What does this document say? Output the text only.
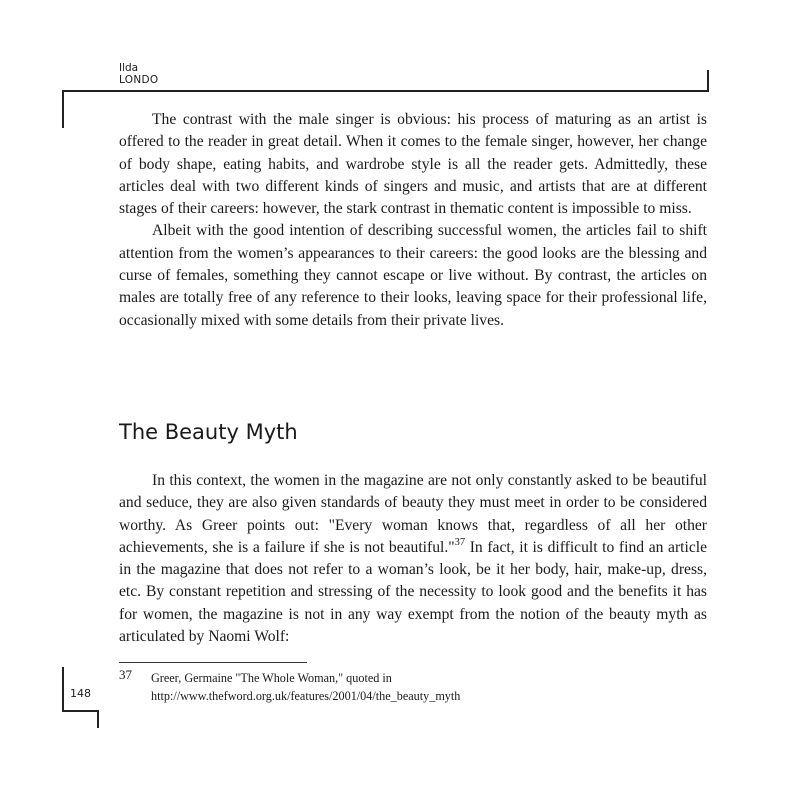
Ilda
LONDO

The contrast with the male singer is obvious: his process of maturing as an artist is offered to the reader in great detail. When it comes to the female singer, however, her change of body shape, eating habits, and wardrobe style is all the reader gets. Admittedly, these articles deal with two different kinds of singers and music, and artists that are at different stages of their careers: however, the stark contrast in thematic content is impossible to miss.

Albeit with the good intention of describing successful women, the articles fail to shift attention from the women’s appearances to their careers: the good looks are the blessing and curse of females, something they cannot escape or live without. By contrast, the articles on males are totally free of any reference to their looks, leaving space for their professional life, occasionally mixed with some details from their private lives.

The Beauty Myth

In this context, the women in the magazine are not only constantly asked to be beautiful and seduce, they are also given standards of beauty they must meet in order to be considered worthy. As Greer points out: "Every woman knows that, regardless of all her other achievements, she is a failure if she is not beautiful."$^{37}$ In fact, it is difficult to find an article in the magazine that does not refer to a woman’s look, be it her body, hair, make-up, dress, etc. By constant repetition and stressing of the necessity to look good and the benefits it has for women, the magazine is not in any way exempt from the notion of the beauty myth as articulated by Naomi Wolf:

37 Greer, Germaine "The Whole Woman," quoted in
http://www.thefword.org.uk/features/2001/04/the_beauty_myth
148
